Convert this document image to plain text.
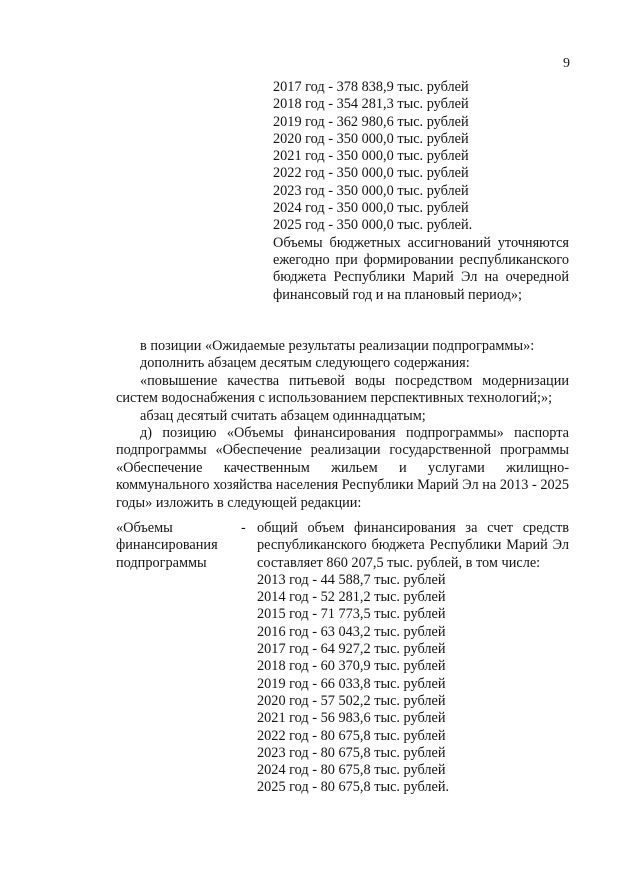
9
2017 год - 378 838,9 тыс. рублей
2018 год - 354 281,3 тыс. рублей
2019 год - 362 980,6 тыс. рублей
2020 год - 350 000,0 тыс. рублей
2021 год - 350 000,0 тыс. рублей
2022 год - 350 000,0 тыс. рублей
2023 год - 350 000,0 тыс. рублей
2024 год - 350 000,0 тыс. рублей
2025 год - 350 000,0 тыс. рублей.
Объемы бюджетных ассигнований уточняются ежегодно при формировании республиканского бюджета Республики Марий Эл на очередной финансовый год и на плановый период»;
в позиции «Ожидаемые результаты реализации подпрограммы»:
дополнить абзацем десятым следующего содержания:
«повышение качества питьевой воды посредством модернизации систем водоснабжения с использованием перспективных технологий;»;
абзац десятый считать абзацем одиннадцатым;
д) позицию «Объемы финансирования подпрограммы» паспорта подпрограммы «Обеспечение реализации государственной программы «Обеспечение качественным жильем и услугами жилищно-коммунального хозяйства населения Республики Марий Эл на 2013 - 2025 годы» изложить в следующей редакции:
«Объемы финансирования подпрограммы
- общий объем финансирования за счет средств республиканского бюджета Республики Марий Эл составляет 860 207,5 тыс. рублей, в том числе:
2013 год - 44 588,7 тыс. рублей
2014 год - 52 281,2 тыс. рублей
2015 год - 71 773,5 тыс. рублей
2016 год - 63 043,2 тыс. рублей
2017 год - 64 927,2 тыс. рублей
2018 год - 60 370,9 тыс. рублей
2019 год - 66 033,8 тыс. рублей
2020 год - 57 502,2 тыс. рублей
2021 год - 56 983,6 тыс. рублей
2022 год - 80 675,8 тыс. рублей
2023 год - 80 675,8 тыс. рублей
2024 год - 80 675,8 тыс. рублей
2025 год - 80 675,8 тыс. рублей.
